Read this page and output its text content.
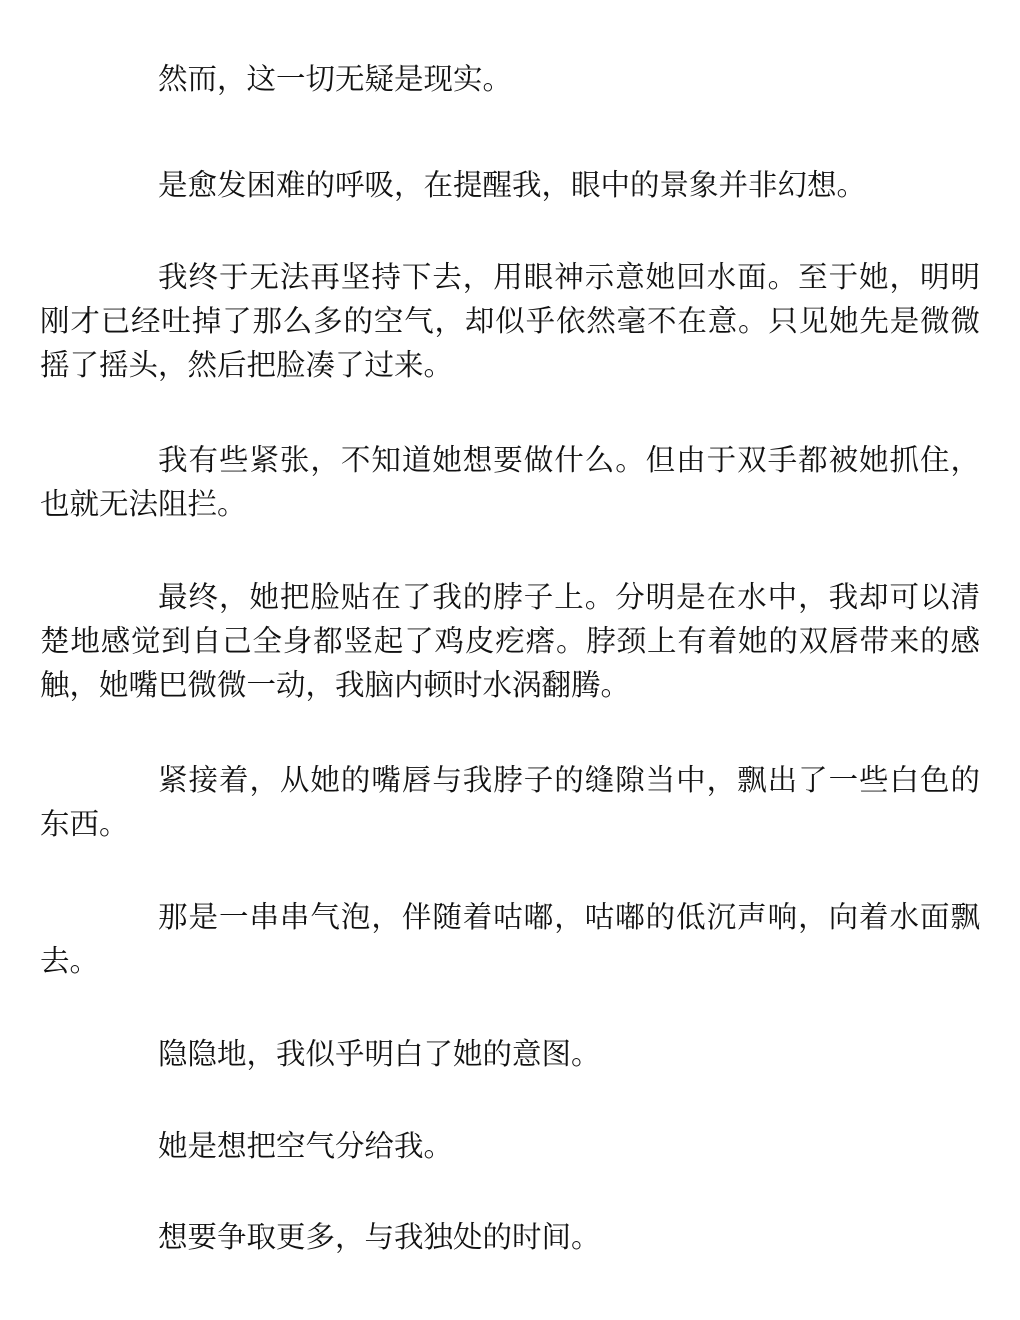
然而，这一切无疑是现实。

是愈发困难的呼吸，在提醒我，眼中的景象并非幻想。

我终于无法再坚持下去，用眼神示意她回水面。至于她，明明刚才已经吐掉了那么多的空气，却似乎依然毫不在意。只见她先是微微摇了摇头，然后把脸凑了过来。

我有些紧张，不知道她想要做什么。但由于双手都被她抓住，也就无法阻拦。

最终，她把脸贴在了我的脖子上。分明是在水中，我却可以清楚地感觉到自己全身都竖起了鸡皮疙瘩。脖颈上有着她的双唇带来的感触，她嘴巴微微一动，我脑内顿时水涡翻腾。

紧接着，从她的嘴唇与我脖子的缝隙当中，飘出了一些白色的东西。

那是一串串气泡，伴随着咕嘟，咕嘟的低沉声响，向着水面飘去。

隐隐地，我似乎明白了她的意图。

她是想把空气分给我。

想要争取更多，与我独处的时间。
